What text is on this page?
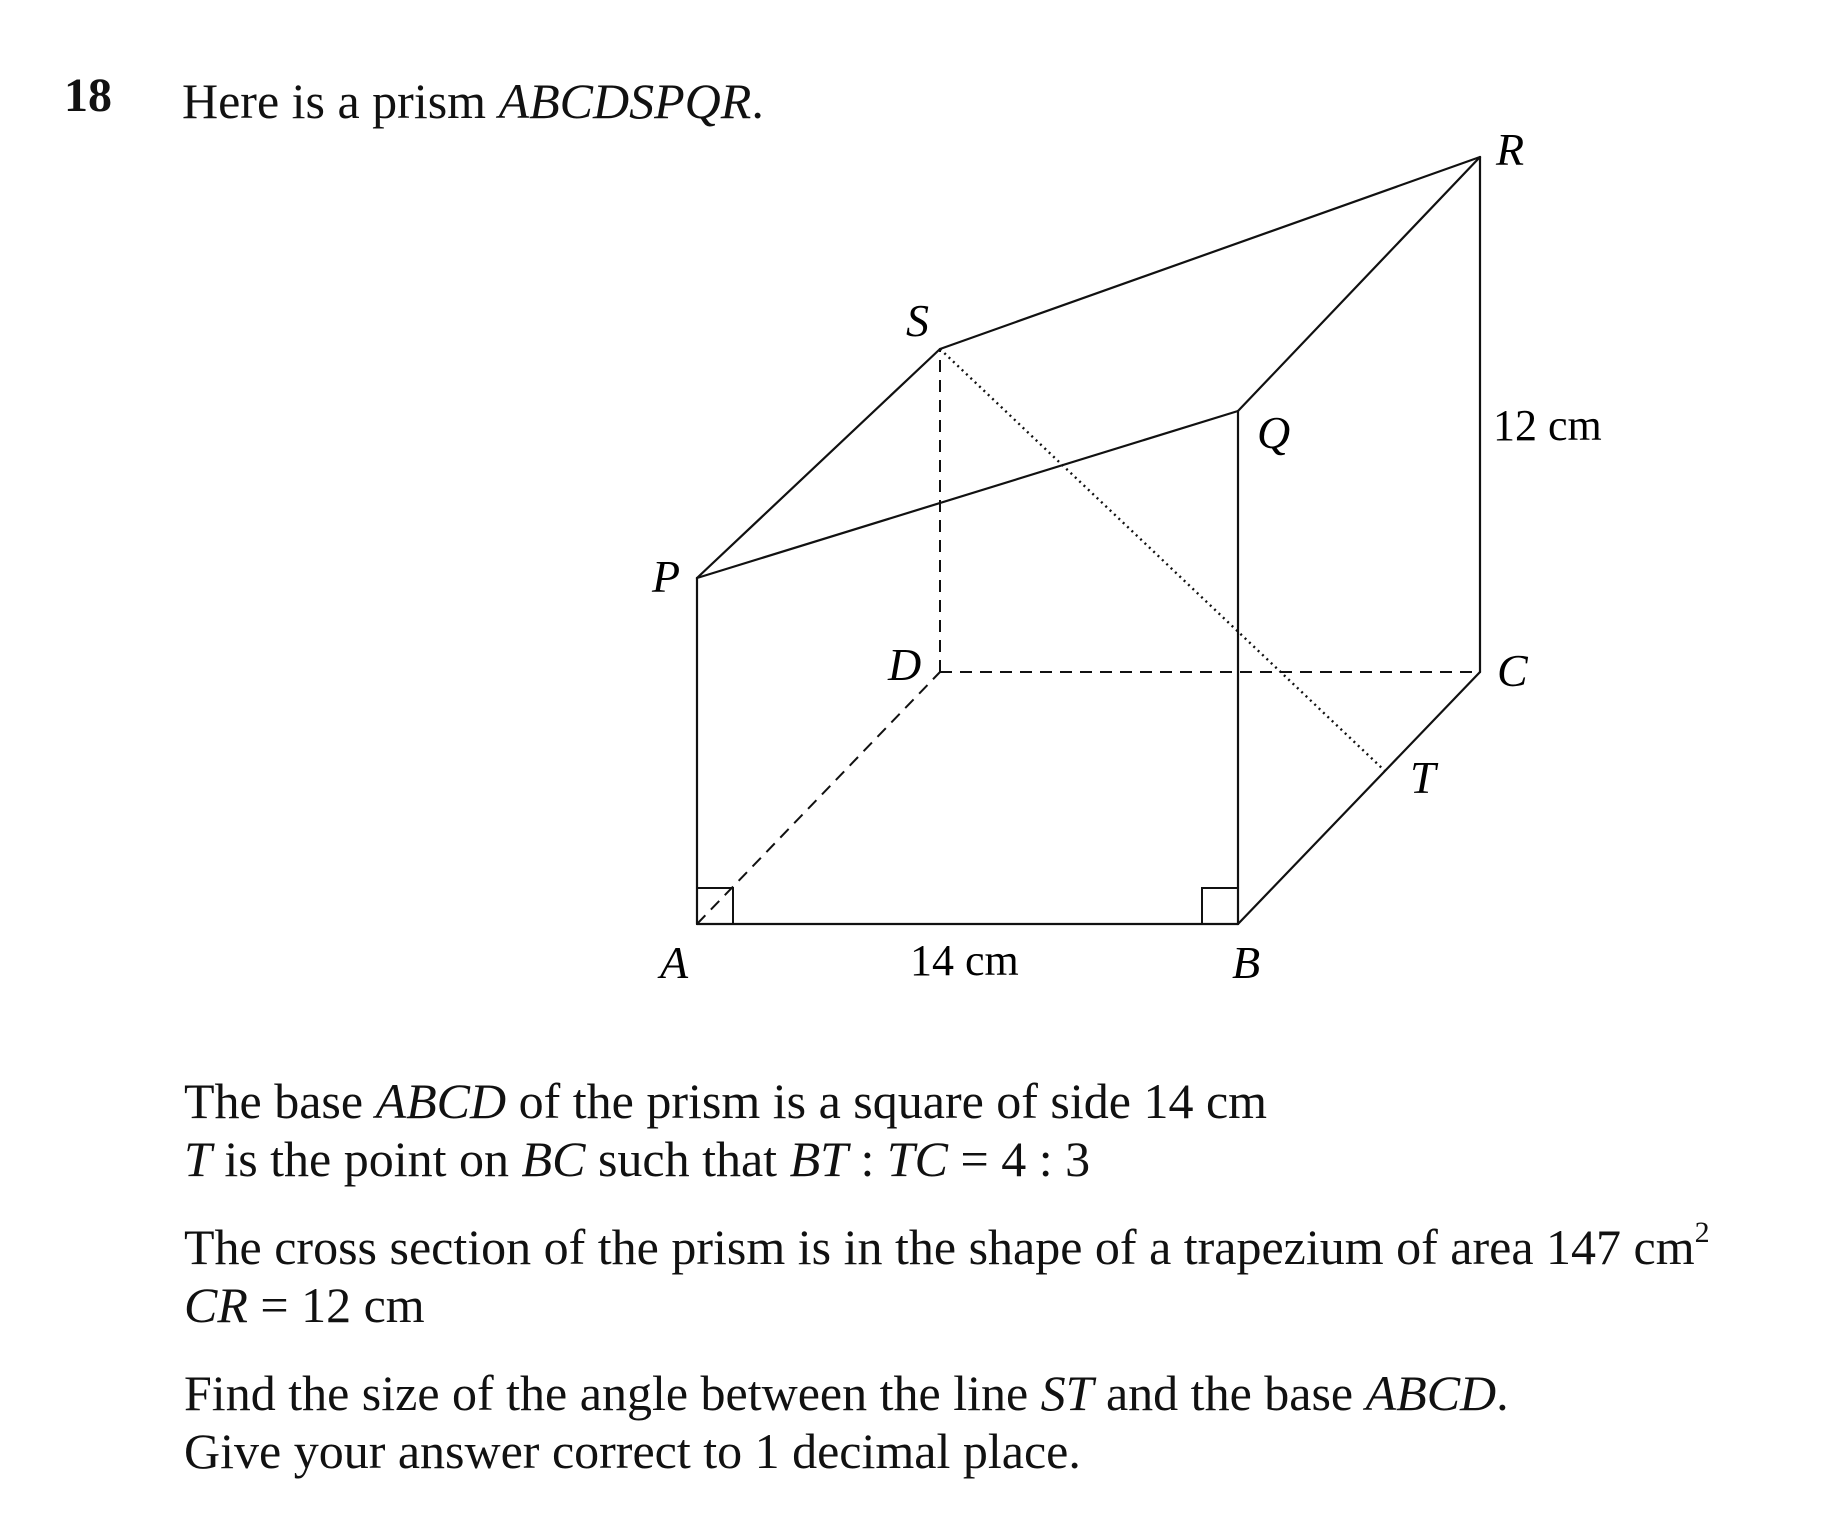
18 Here is a prism ABCDSPQR.
A	B
C
D
P
Q
R
S
T
14 cm
12 cm

The base ABCD of the prism is a square of side 14 cm

T is the point on BC such that BT : TC = 4 : 3

The cross section of the prism is in the shape of a trapezium of area 147 $cm^2$

CR = 12 cm

Find the size of the angle between the line ST and the base ABCD.

Give your answer correct to 1 decimal place.
